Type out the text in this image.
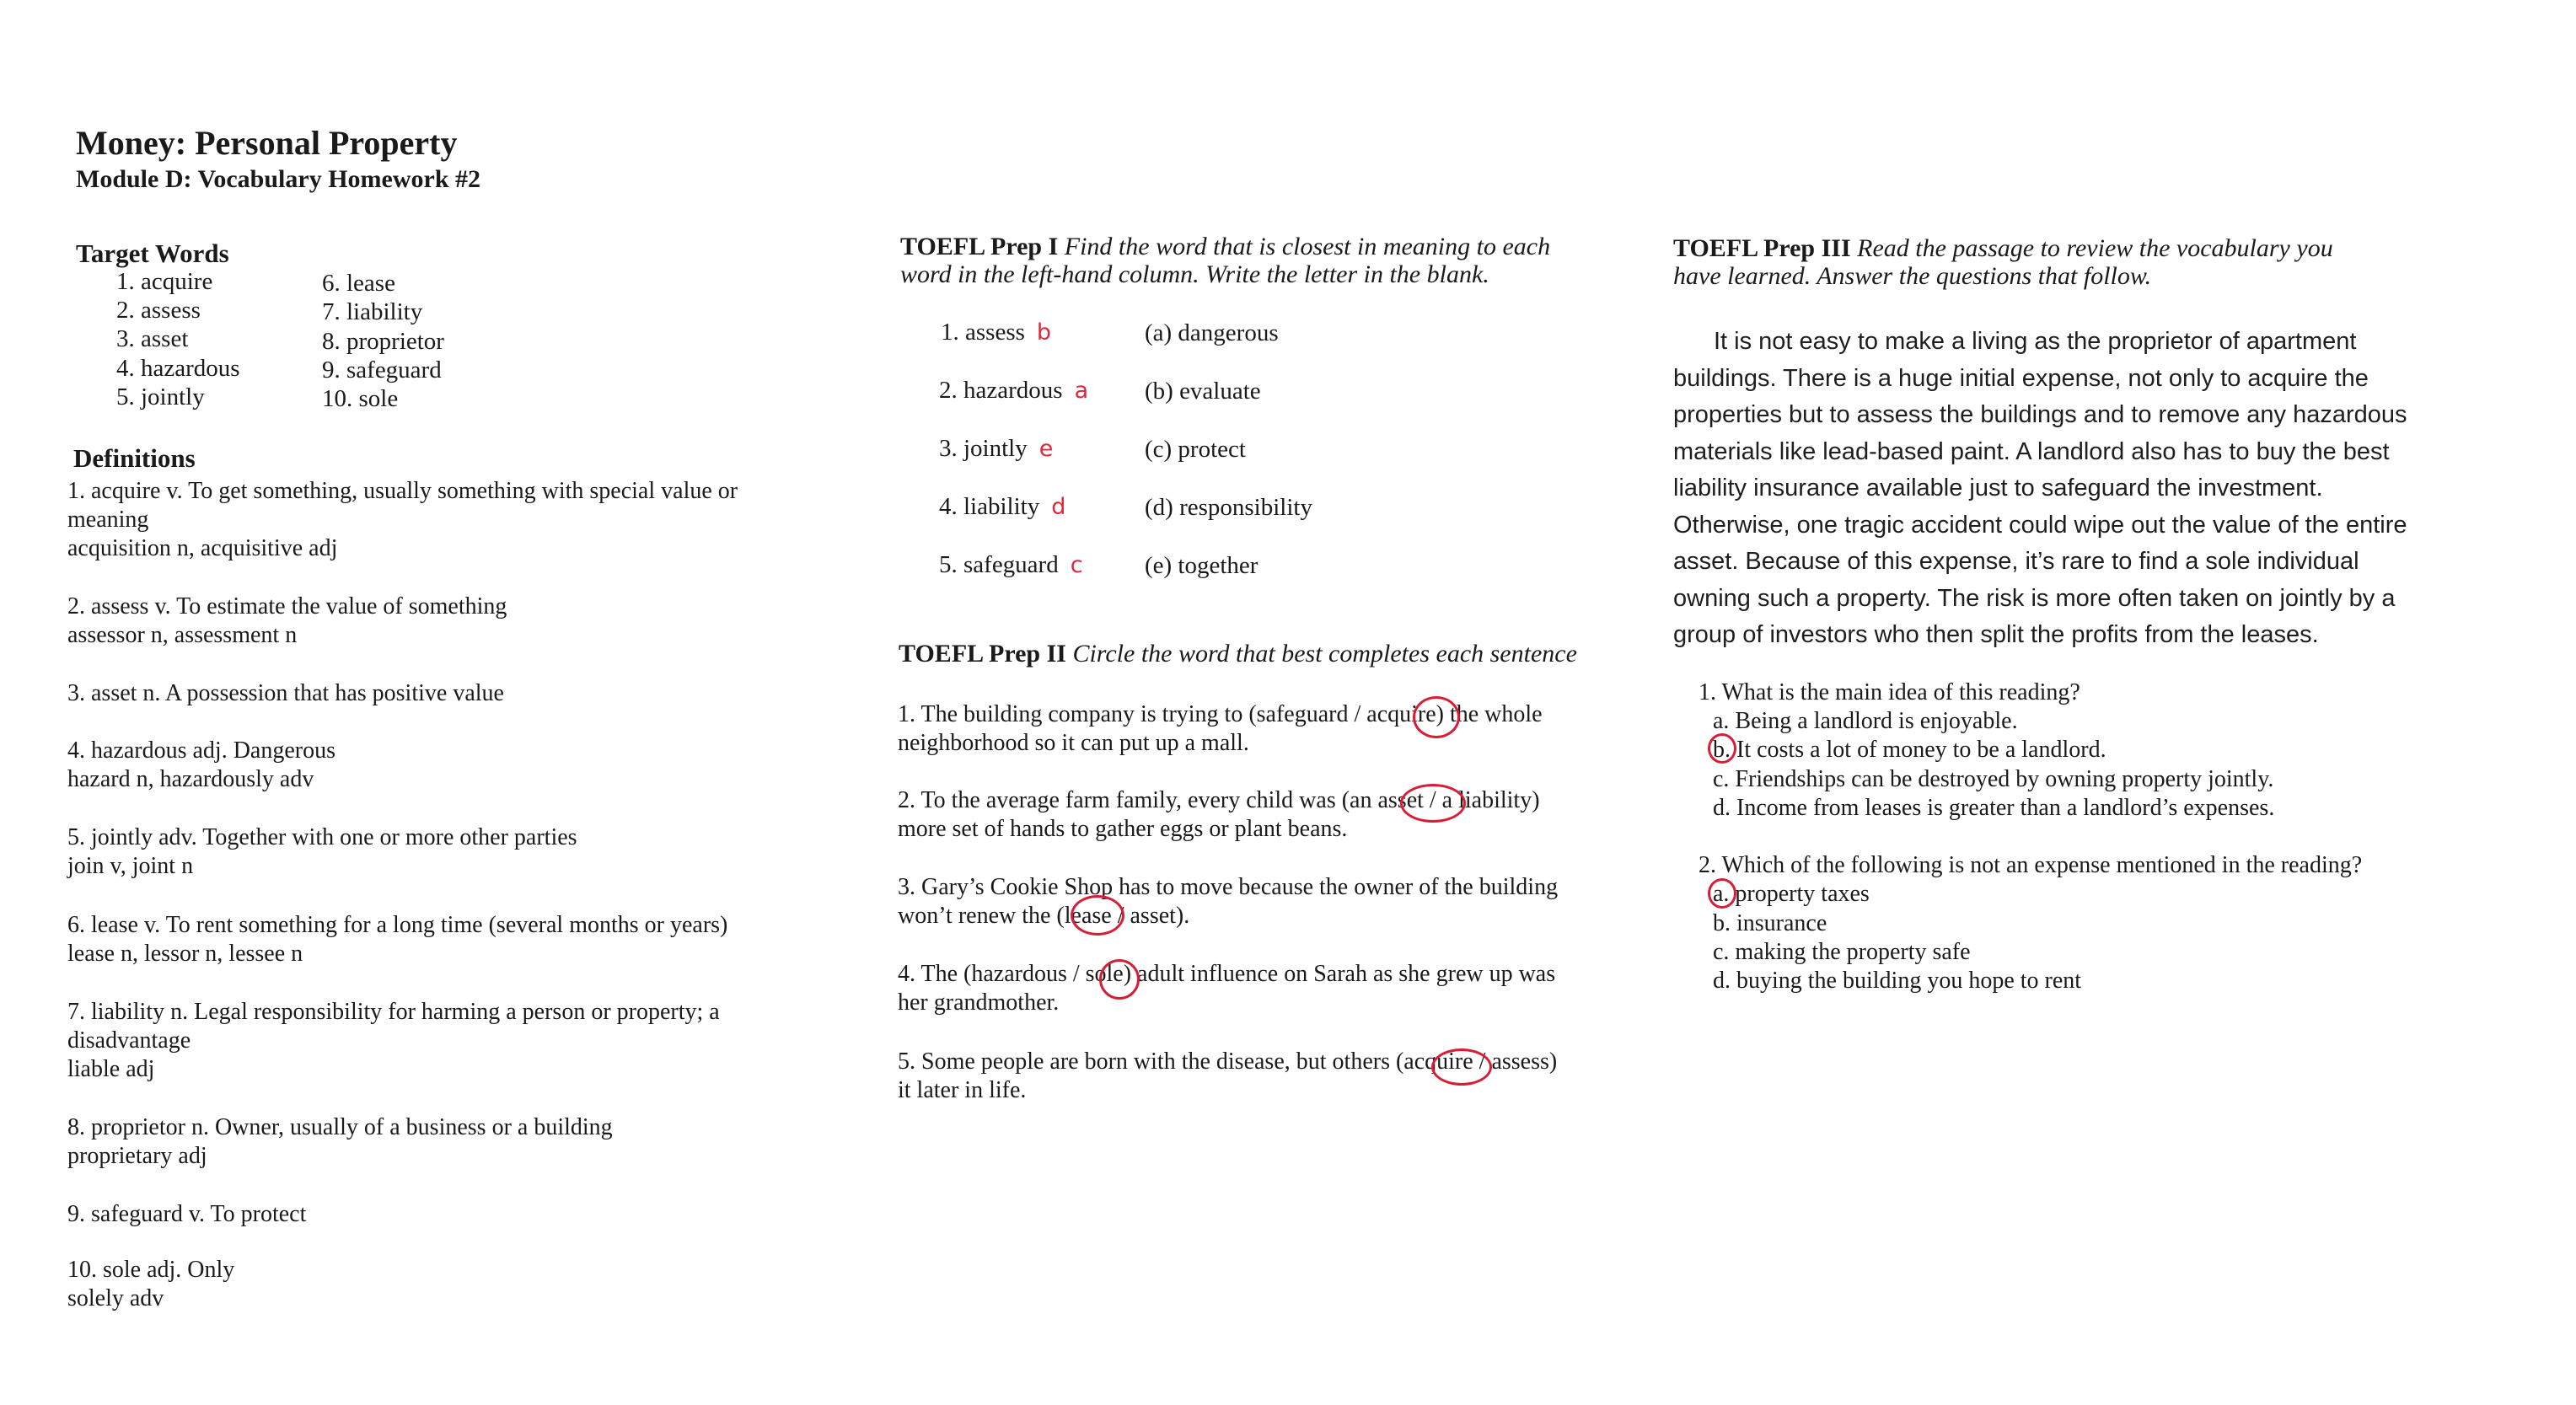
Money: Personal Property
Module D: Vocabulary Homework #2
Target Words
1. acquire
2. assess
3. asset
4. hazardous
5. jointly
6. lease
7. liability
8. proprietor
9. safeguard
10. sole
Definitions
1. acquire v. To get something, usually something with special value or
meaning
acquisition n, acquisitive adj
2. assess v. To estimate the value of something
assessor n, assessment n
3. asset n. A possession that has positive value
4. hazardous adj. Dangerous
hazard n, hazardously adv
5. jointly adv. Together with one or more other parties
join v, joint n
6. lease v. To rent something for a long time (several months or years)
lease n, lessor n, lessee n
7. liability n. Legal responsibility for harming a person or property; a
disadvantage
liable adj
8. proprietor n. Owner, usually of a business or a building
proprietary adj
9. safeguard v. To protect
10. sole adj. Only
solely adv
TOEFL Prep I Find the word that is closest in meaning to each
word in the left-hand column. Write the letter in the blank.
1. assess b
2. hazardous a
3. jointly e
4. liability d
5. safeguard c
(a) dangerous
(b) evaluate
(c) protect
(d) responsibility
(e) together
TOEFL Prep II Circle the word that best completes each sentence
1. The building company is trying to (safeguard / acquire) the whole
neighborhood so it can put up a mall.
2. To the average farm family, every child was (an asset / a liability)
more set of hands to gather eggs or plant beans.
3. Gary’s Cookie Shop has to move because the owner of the building
won’t renew the (lease / asset).
4. The (hazardous / sole) adult influence on Sarah as she grew up was
her grandmother.
5. Some people are born with the disease, but others (acquire / assess)
it later in life.
TOEFL Prep III Read the passage to review the vocabulary you
have learned. Answer the questions that follow.
It is not easy to make a living as the proprietor of apartment
buildings. There is a huge initial expense, not only to acquire the
properties but to assess the buildings and to remove any hazardous
materials like lead-based paint. A landlord also has to buy the best
liability insurance available just to safeguard the investment.
Otherwise, one tragic accident could wipe out the value of the entire
asset. Because of this expense, it’s rare to find a sole individual
owning such a property. The risk is more often taken on jointly by a
group of investors who then split the profits from the leases.
1. What is the main idea of this reading?
a. Being a landlord is enjoyable.
b. It costs a lot of money to be a landlord.
c. Friendships can be destroyed by owning property jointly.
d. Income from leases is greater than a landlord’s expenses.
2. Which of the following is not an expense mentioned in the reading?
a. property taxes
b. insurance
c. making the property safe
d. buying the building you hope to rent
